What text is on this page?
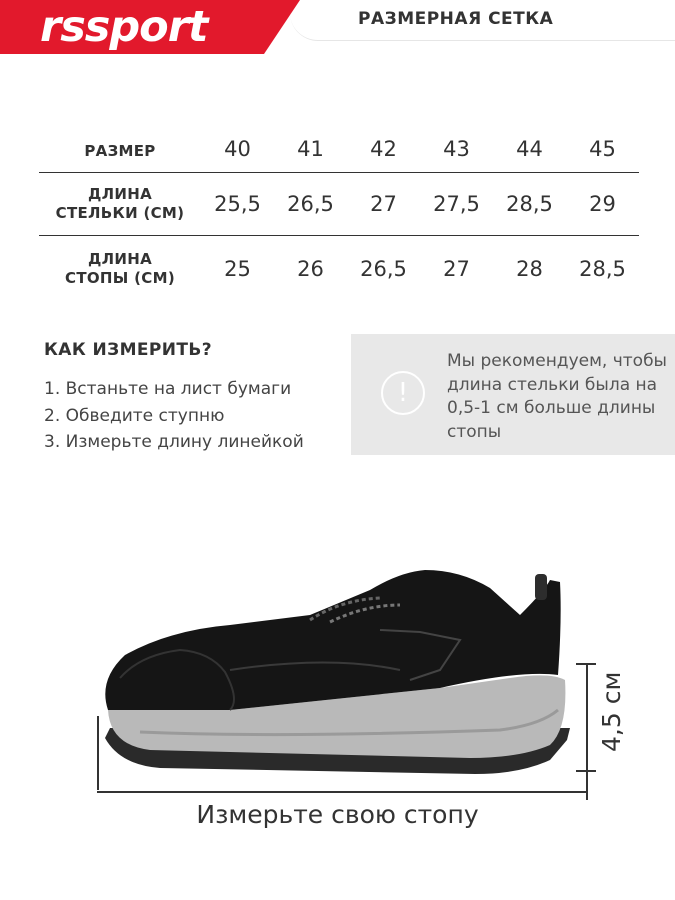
rssport	РАЗМЕРНАЯ СЕТКА
РАЗМЕР	40	41	42	43	44	45

ДЛИНА
СТЕЛЬКИ (СМ)	25,5	26,5	27	27,5	28,5	29

ДЛИНА
СТОПЫ (СМ)	25	26	26,5	27	28	28,5
КАК ИЗМЕРИТЬ?
1. Встаньте на лист бумаги
2. Обведите ступню
3. Измерьте длину линейкой
!
Мы рекомендуем, чтобы длина стельки была на 0,5-1 см больше длины стопы
4,5 см
Измерьте свою стопу
